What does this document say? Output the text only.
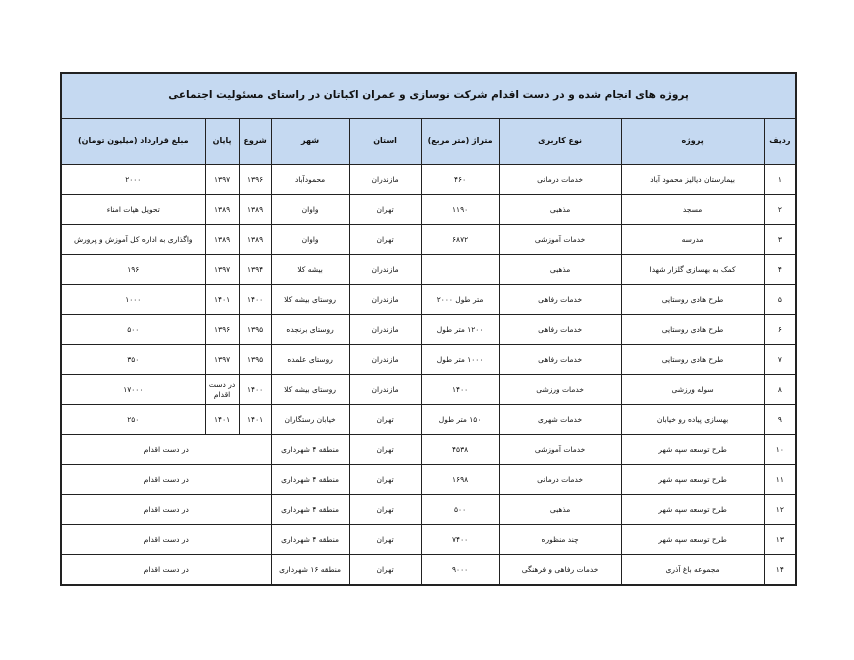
پروژه های انجام شده و در دست اقدام شرکت نوسازی و عمران اکباتان در راستای مسئولیت اجتماعی								
ردیف	پروژه	نوع کاربری	متراژ (متر مربع)	استان	شهر	شروع	پایان	مبلغ قرارداد (میلیون تومان)
۱	بیمارستان دیالیز محمود آباد	خدمات درمانی	۴۶۰	مازندران	محمودآباد	۱۳۹۶	۱۳۹۷	۲۰۰۰
۲	مسجد	مذهبی	۱۱۹۰	تهران	واوان	۱۳۸۹	۱۳۸۹	تحویل هیات امناء
۳	مدرسه	خدمات آموزشی	۶۸۷۲	تهران	واوان	۱۳۸۹	۱۳۸۹	واگذاری به اداره کل آموزش و پرورش
۴	کمک به بهسازی گلزار شهدا	مذهبی		مازندران	بیشه کلا	۱۳۹۴	۱۳۹۷	۱۹۶
۵	طرح هادی روستایی	خدمات رفاهی	متر طول ۲۰۰۰	مازندران	روستای بیشه کلا	۱۴۰۰	۱۴۰۱	۱۰۰۰
۶	طرح هادی روستایی	خدمات رفاهی	۱۲۰۰ متر طول	مازندران	روستای برنجده	۱۳۹۵	۱۳۹۶	۵۰۰
۷	طرح هادی روستایی	خدمات رفاهی	۱۰۰۰ متر طول	مازندران	روستای علمده	۱۳۹۵	۱۳۹۷	۳۵۰
۸	سوله ورزشی	خدمات ورزشی	۱۴۰۰	مازندران	روستای بیشه کلا	۱۴۰۰	در دست اقدام	۱۷۰۰۰
۹	بهسازی پیاده رو خیابان	خدمات شهری	۱۵۰ متر طول	تهران	خیابان رستگاران	۱۴۰۱	۱۴۰۱	۲۵۰
۱۰	طرح توسعه سپه شهر	خدمات آموزشی	۴۵۳۸	تهران	منطقه ۴ شهرداری	در دست اقدام		
۱۱	طرح توسعه سپه شهر	خدمات درمانی	۱۶۹۸	تهران	منطقه ۴ شهرداری	در دست اقدام		
۱۲	طرح توسعه سپه شهر	مذهبی	۵۰۰	تهران	منطقه ۴ شهرداری	در دست اقدام		
۱۳	طرح توسعه سپه شهر	چند منظوره	۷۴۰۰	تهران	منطقه ۴ شهرداری	در دست اقدام		
۱۴	مجموعه باغ آذری	خدمات رفاهی و فرهنگی	۹۰۰۰	تهران	منطقه ۱۶ شهرداری	در دست اقدام		
